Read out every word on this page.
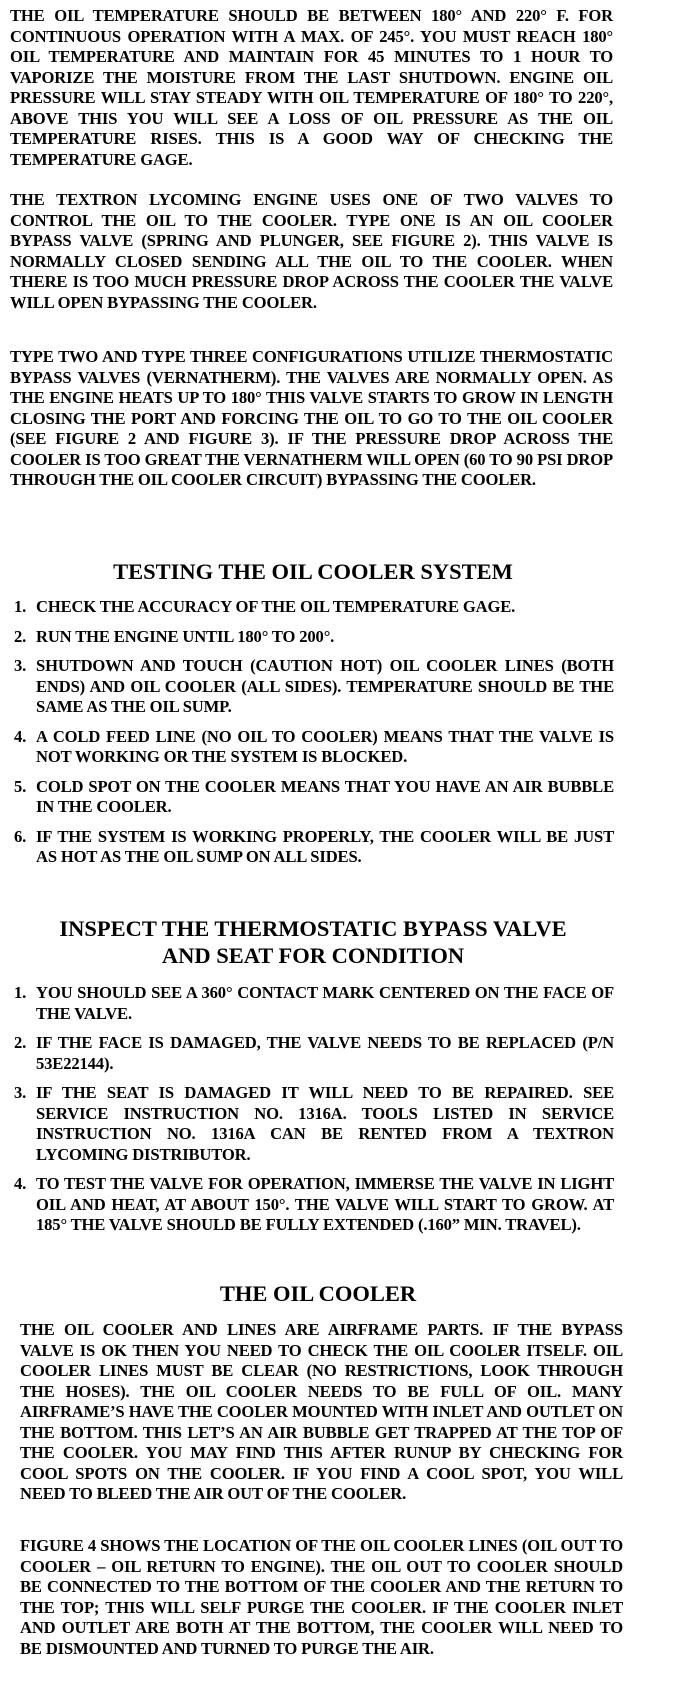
THE OIL TEMPERATURE SHOULD BE BETWEEN 180° AND 220° F. FOR CONTINUOUS OPERATION WITH A MAX. OF 245°. YOU MUST REACH 180° OIL TEMPERATURE AND MAINTAIN FOR 45 MINUTES TO 1 HOUR TO VAPORIZE THE MOISTURE FROM THE LAST SHUTDOWN. ENGINE OIL PRESSURE WILL STAY STEADY WITH OIL TEMPERATURE OF 180° TO 220°, ABOVE THIS YOU WILL SEE A LOSS OF OIL PRESSURE AS THE OIL TEMPERATURE RISES. THIS IS A GOOD WAY OF CHECKING THE TEMPERATURE GAGE.

THE TEXTRON LYCOMING ENGINE USES ONE OF TWO VALVES TO CONTROL THE OIL TO THE COOLER. TYPE ONE IS AN OIL COOLER BYPASS VALVE (SPRING AND PLUNGER, SEE FIGURE 2). THIS VALVE IS NORMALLY CLOSED SENDING ALL THE OIL TO THE COOLER. WHEN THERE IS TOO MUCH PRESSURE DROP ACROSS THE COOLER THE VALVE WILL OPEN BYPASSING THE COOLER.

TYPE TWO AND TYPE THREE CONFIGURATIONS UTILIZE THERMOSTATIC BYPASS VALVES (VERNATHERM). THE VALVES ARE NORMALLY OPEN. AS THE ENGINE HEATS UP TO 180° THIS VALVE STARTS TO GROW IN LENGTH CLOSING THE PORT AND FORCING THE OIL TO GO TO THE OIL COOLER (SEE FIGURE 2 AND FIGURE 3). IF THE PRESSURE DROP ACROSS THE COOLER IS TOO GREAT THE VERNATHERM WILL OPEN (60 TO 90 PSI DROP THROUGH THE OIL COOLER CIRCUIT) BYPASSING THE COOLER.

TESTING THE OIL COOLER SYSTEM
1. CHECK THE ACCURACY OF THE OIL TEMPERATURE GAGE.
2. RUN THE ENGINE UNTIL 180° TO 200°.
3. SHUTDOWN AND TOUCH (CAUTION HOT) OIL COOLER LINES (BOTH ENDS) AND OIL COOLER (ALL SIDES). TEMPERATURE SHOULD BE THE SAME AS THE OIL SUMP.
4. A COLD FEED LINE (NO OIL TO COOLER) MEANS THAT THE VALVE IS NOT WORKING OR THE SYSTEM IS BLOCKED.
5. COLD SPOT ON THE COOLER MEANS THAT YOU HAVE AN AIR BUBBLE IN THE COOLER.
6. IF THE SYSTEM IS WORKING PROPERLY, THE COOLER WILL BE JUST AS HOT AS THE OIL SUMP ON ALL SIDES.
INSPECT THE THERMOSTATIC BYPASS VALVE
AND SEAT FOR CONDITION
1. YOU SHOULD SEE A 360° CONTACT MARK CENTERED ON THE FACE OF THE VALVE.
2. IF THE FACE IS DAMAGED, THE VALVE NEEDS TO BE REPLACED (P/N 53E22144).
3. IF THE SEAT IS DAMAGED IT WILL NEED TO BE REPAIRED. SEE SERVICE INSTRUCTION NO. 1316A. TOOLS LISTED IN SERVICE INSTRUCTION NO. 1316A CAN BE RENTED FROM A TEXTRON LYCOMING DISTRIBUTOR.
4. TO TEST THE VALVE FOR OPERATION, IMMERSE THE VALVE IN LIGHT OIL AND HEAT, AT ABOUT 150°. THE VALVE WILL START TO GROW. AT 185° THE VALVE SHOULD BE FULLY EXTENDED (.160” MIN. TRAVEL).
THE OIL COOLER

THE OIL COOLER AND LINES ARE AIRFRAME PARTS. IF THE BYPASS VALVE IS OK THEN YOU NEED TO CHECK THE OIL COOLER ITSELF. OIL COOLER LINES MUST BE CLEAR (NO RESTRICTIONS, LOOK THROUGH THE HOSES). THE OIL COOLER NEEDS TO BE FULL OF OIL. MANY AIRFRAME’S HAVE THE COOLER MOUNTED WITH INLET AND OUTLET ON THE BOTTOM. THIS LET’S AN AIR BUBBLE GET TRAPPED AT THE TOP OF THE COOLER. YOU MAY FIND THIS AFTER RUNUP BY CHECKING FOR COOL SPOTS ON THE COOLER. IF YOU FIND A COOL SPOT, YOU WILL NEED TO BLEED THE AIR OUT OF THE COOLER.

FIGURE 4 SHOWS THE LOCATION OF THE OIL COOLER LINES (OIL OUT TO COOLER – OIL RETURN TO ENGINE). THE OIL OUT TO COOLER SHOULD BE CONNECTED TO THE BOTTOM OF THE COOLER AND THE RETURN TO THE TOP; THIS WILL SELF PURGE THE COOLER. IF THE COOLER INLET AND OUTLET ARE BOTH AT THE BOTTOM, THE COOLER WILL NEED TO BE DISMOUNTED AND TURNED TO PURGE THE AIR.
